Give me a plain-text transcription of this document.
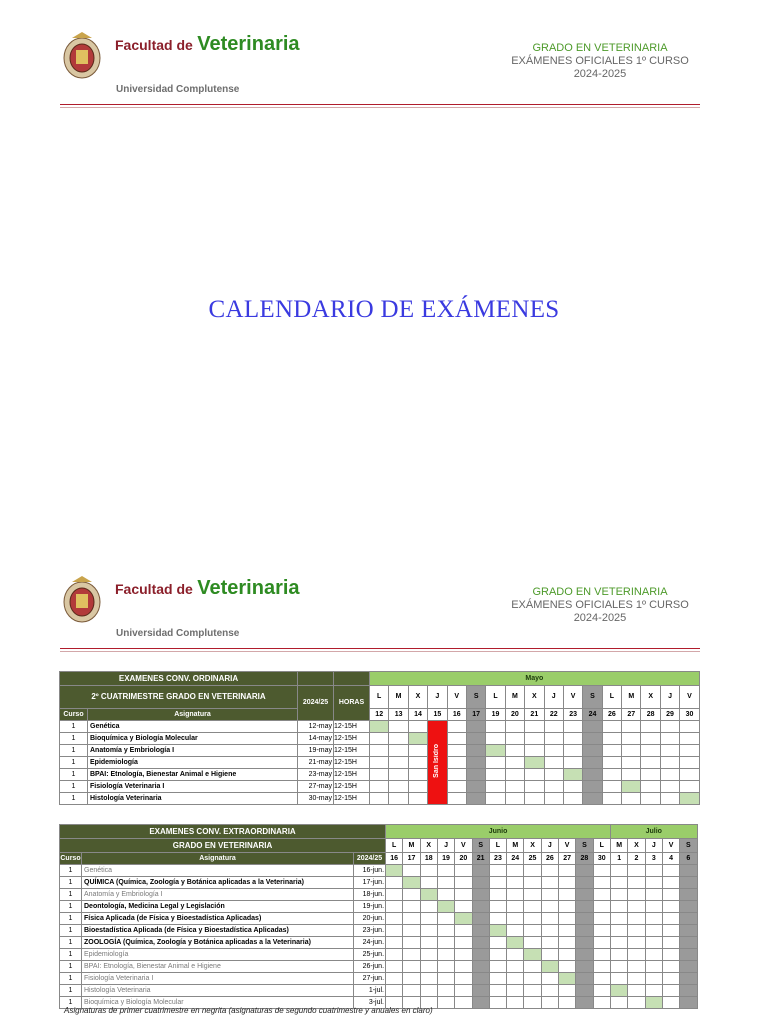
Facultad de Veterinaria
Universidad Complutense
GRADO EN VETERINARIA
EXÁMENES OFICIALES 1º CURSO
2024-2025
CALENDARIO DE EXÁMENES
Facultad de Veterinaria
Universidad Complutense
GRADO EN VETERINARIA
EXÁMENES OFICIALES 1º CURSO
2024-2025
EXAMENES CONV. ORDINARIA				Mayo																
2º CUATRIMESTRE GRADO EN VETERINARIA		2024/25	HORAS	L	M	X	J	V	S	L	M	X	J	V	S	L	M	X	J	V
Curso	Asignatura			12	13	14	15	16	17	19	20	21	22	23	24	26	27	28	29	30
1	Genética	12-may	12-15H				San Isidro													
1	Bioquímica y Biología Molecular	14-may	12-15H																	
1	Anatomía y Embriología I	19-may	12-15H																	
1	Epidemiología	21-may	12-15H																	
1	BPAI: Etnología, Bienestar Animal e Higiene	23-may	12-15H																	
1	Fisiología Veterinaria I	27-may	12-15H																	
1	Histología Veterinaria	30-may	12-15H																	
EXAMENES CONV. EXTRAORDINARIA			Junio													Julio				
GRADO EN VETERINARIA			L	M	X	J	V	S	L	M	X	J	V	S	L	M	X	J	V	S
Curso	Asignatura	2024/25	16	17	18	19	20	21	23	24	25	26	27	28	30	1	2	3	4	6
1	Genética	16-jun.																		
1	QUÍMICA (Química, Zoología y Botánica aplicadas a la Veterinaria)	17-jun.																		
1	Anatomía y Embriología I	18-jun.																		
1	Deontología, Medicina Legal y Legislación	19-jun.																		
1	Física Aplicada (de Física y Bioestadística Aplicadas)	20-jun.																		
1	Bioestadística Aplicada (de Física y Bioestadística Aplicadas)	23-jun.																		
1	ZOOLOGÍA (Química, Zoología y Botánica aplicadas a la Veterinaria)	24-jun.																		
1	Epidemiología	25-jun.																		
1	BPAI: Etnología, Bienestar Animal e Higiene	26-jun.																		
1	Fisiología Veterinaria I	27-jun.																		
1	Histología Veterinaria	1-jul.																		
1	Bioquímica y Biología Molecular	3-jul.																		
Asignaturas de primer cuatrimestre en negrita (asignaturas de segundo cuatrimestre y anuales en claro)
